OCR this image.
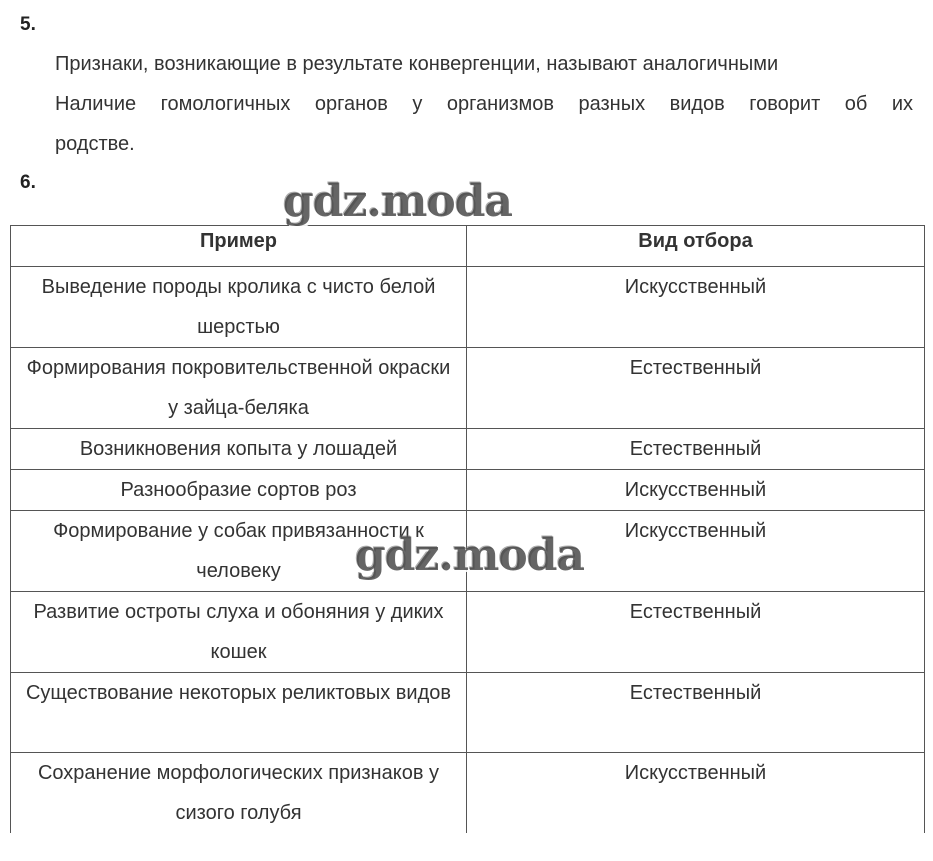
5.
Признаки, возникающие в результате конвергенции, называют аналогичными
Наличие гомологичных органов у организмов разных видов говорит об их
родстве.
6.
Пример	Вид отбора
Выведение породы кролика с чисто белой шерстью	Искусственный
Формирования покровительственной окраски у зайца-беляка	Естественный
Возникновения копыта у лошадей	Естественный
Разнообразие сортов роз	Искусственный
Формирование у собак привязанности к человеку	Искусственный
Развитие остроты слуха и обоняния у диких кошек	Естественный
Существование некоторых реликтовых видов	Естественный
Сохранение морфологических признаков у сизого голубя	Искусственный
gdz.moda
gdz.moda
